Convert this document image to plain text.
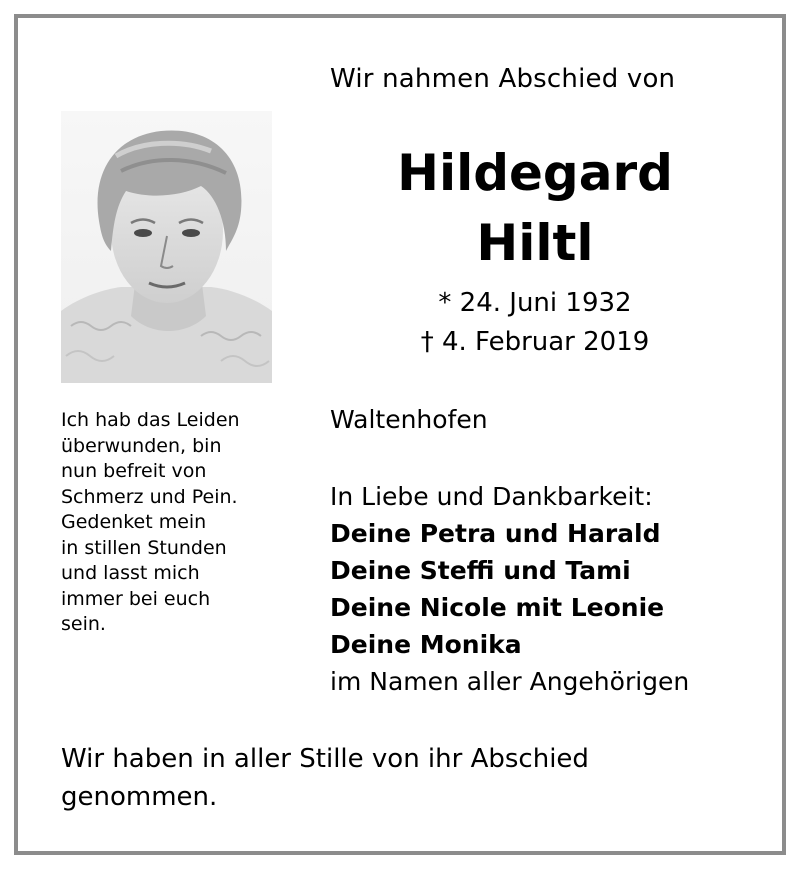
Wir nahmen Abschied von
Hildegard
Hiltl
* 24. Juni 1932
† 4. Februar 2019
Ich hab das Leiden
überwunden, bin
nun befreit von
Schmerz und Pein.
Gedenket mein
in stillen Stunden
und lasst mich
immer bei euch
sein.
Waltenhofen
In Liebe und Dankbarkeit:
Deine Petra und Harald
Deine Steffi und Tami
Deine Nicole mit Leonie
Deine Monika
im Namen aller Angehörigen
Wir haben in aller Stille von ihr Abschied genommen.
